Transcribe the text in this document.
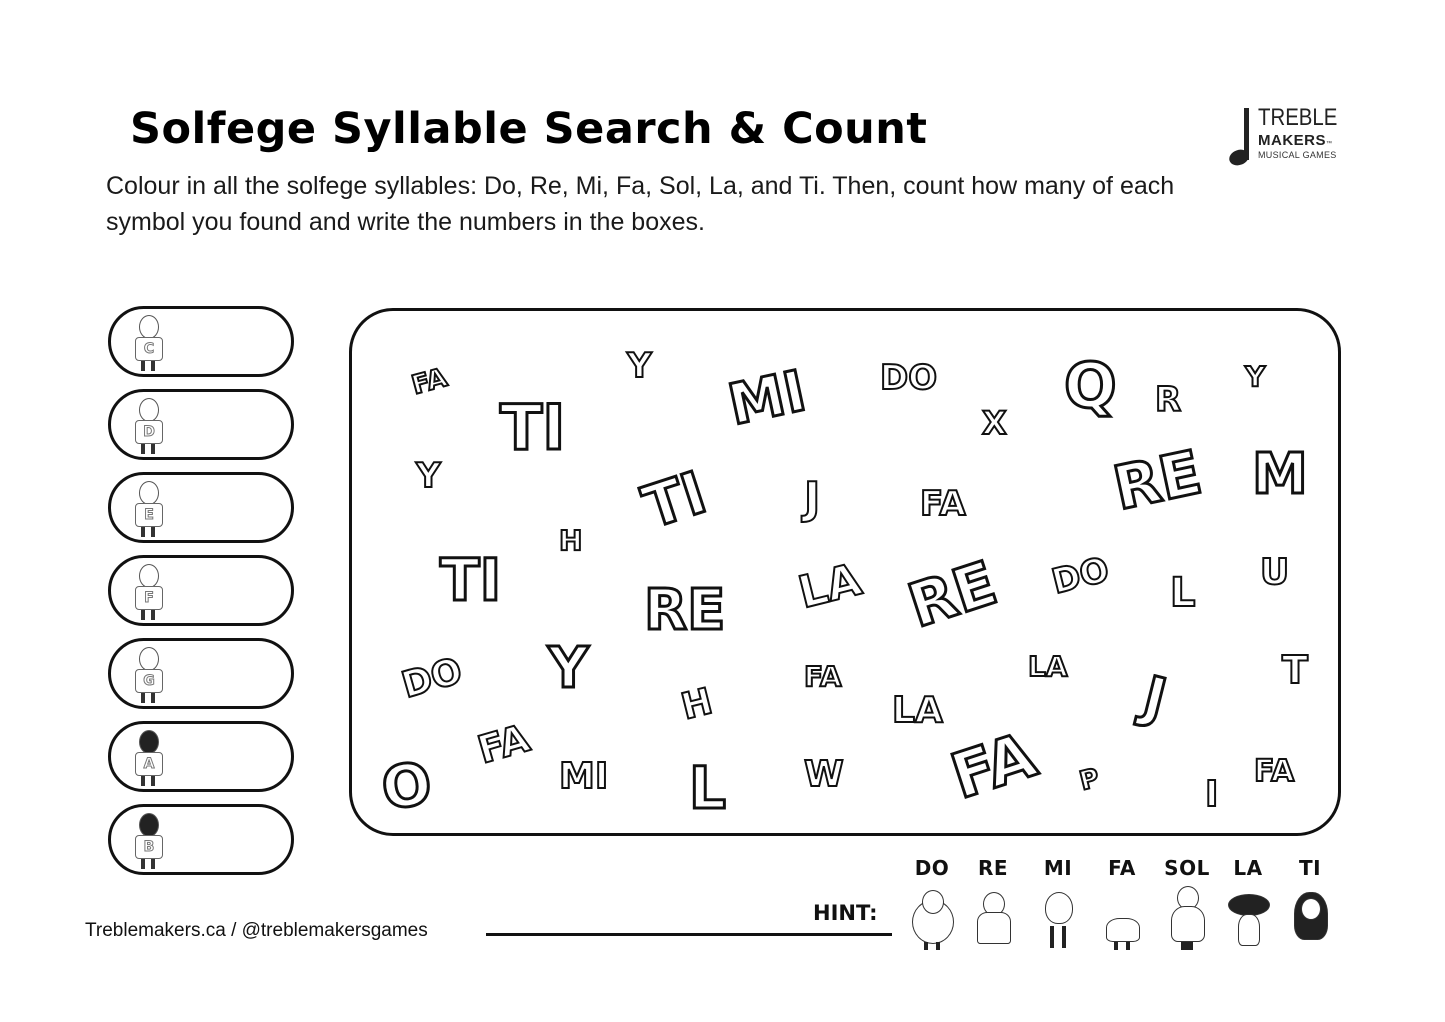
Solfege Syllable Search & Count
Colour in all the solfege syllables: Do, Re, Mi, Fa, Sol, La, and Ti. Then, count how many of each symbol you found and write the numbers in the boxes.
TREBLE
MAKERS™
MUSICAL GAMES
C
D
E
F
G
A
B
FA	Y
TI	MI DO
X
Q R
Y
Y	TI J	FA RE M
H
TI	RE LA RE DO L U
DO Y	FA	LA	T
H	LA	J
FA
O	MI L W FA P	I
FA
Treblemakers.ca / @treblemakersgames
HINT:
DO	RE	MI	FA	SOL	LA	TI
